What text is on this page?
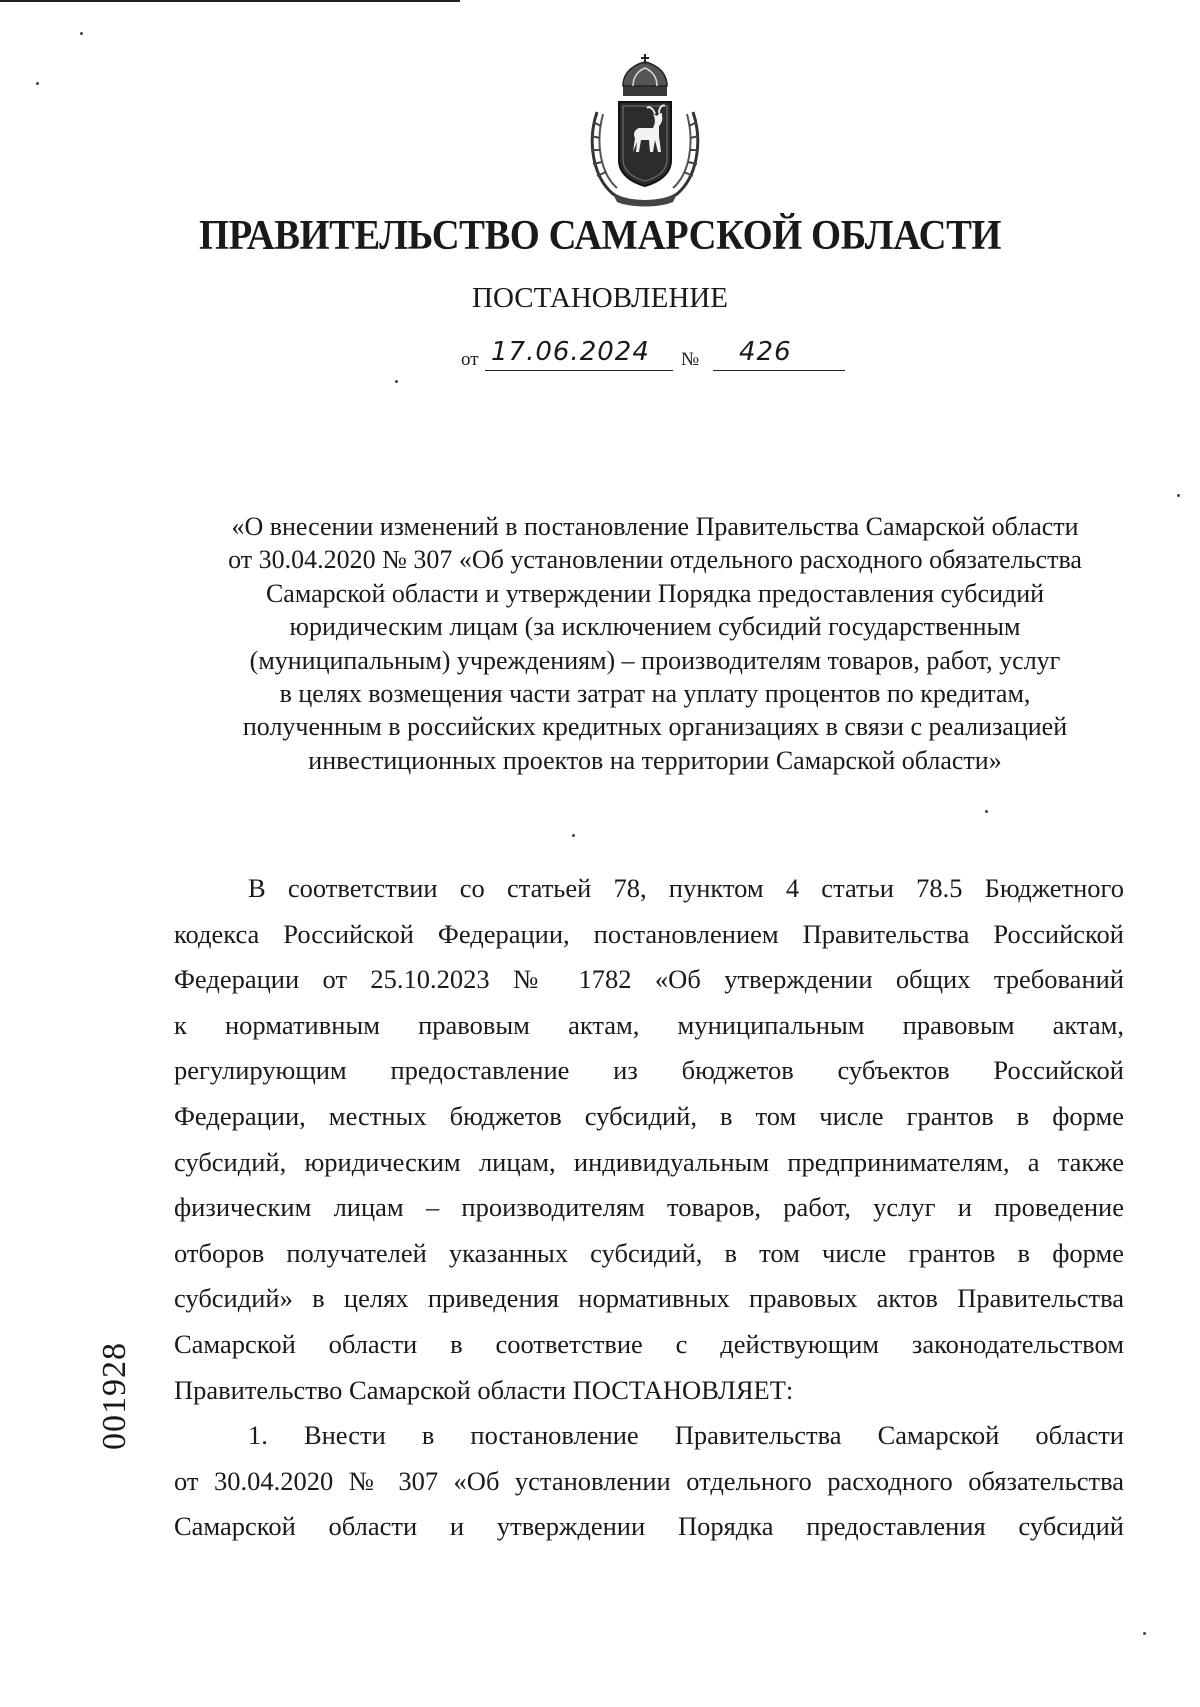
ПРАВИТЕЛЬСТВО САМАРСКОЙ ОБЛАСТИ
ПОСТАНОВЛЕНИЕ
от 17.06.2024 № 426
«О внесении изменений в постановление Правительства Самарской области
от 30.04.2020 № 307 «Об установлении отдельного расходного обязательства
Самарской области и утверждении Порядка предоставления субсидий
юридическим лицам (за исключением субсидий государственным
(муниципальным) учреждениям) – производителям товаров, работ, услуг
в целях возмещения части затрат на уплату процентов по кредитам,
полученным в российских кредитных организациях в связи с реализацией
инвестиционных проектов на территории Самарской области»
В соответствии со статьей 78, пунктом 4 статьи 78.5 Бюджетного
кодекса Российской Федерации, постановлением Правительства Российской
Федерации от 25.10.2023 № 1782 «Об утверждении общих требований
к нормативным правовым актам, муниципальным правовым актам,
регулирующим предоставление из бюджетов субъектов Российской
Федерации, местных бюджетов субсидий, в том числе грантов в форме
субсидий, юридическим лицам, индивидуальным предпринимателям, а также
физическим лицам – производителям товаров, работ, услуг и проведение
отборов получателей указанных субсидий, в том числе грантов в форме
субсидий» в целях приведения нормативных правовых актов Правительства
Самарской области в соответствие с действующим законодательством
Правительство Самарской области ПОСТАНОВЛЯЕТ:
1. Внести в постановление Правительства Самарской области
от 30.04.2020 № 307 «Об установлении отдельного расходного обязательства
Самарской области и утверждении Порядка предоставления субсидий
001928
